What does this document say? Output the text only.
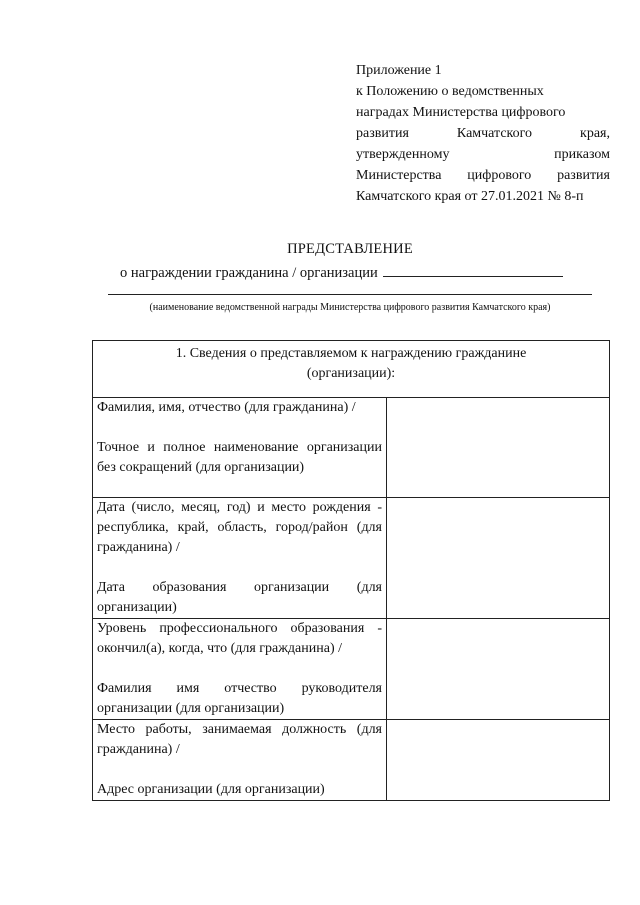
Приложение 1
к Положению о ведомственных
наградах Министерства цифрового
развития Камчатского края,
утвержденному приказом
Министерства цифрового развития
Камчатского края от 27.01.2021 № 8-п
ПРЕДСТАВЛЕНИЕ
о награждении гражданина / организации
(наименование ведомственной награды Министерства цифрового развития Камчатского края)
1. Сведения о представляемом к награждению гражданине (организации):	
Фамилия, имя, отчество (для гражданина) /
Точное и полное наименование организации без сокращений (для организации)	
Дата (число, месяц, год) и место рождения - республика, край, область, город/район (для гражданина) /
Дата образования организации (для организации)	
Уровень профессионального образования - окончил(а), когда, что (для гражданина) /
Фамилия имя отчество руководителя организации (для организации)	
Место работы, занимаемая должность (для гражданина) /
Адрес организации (для организации)	
